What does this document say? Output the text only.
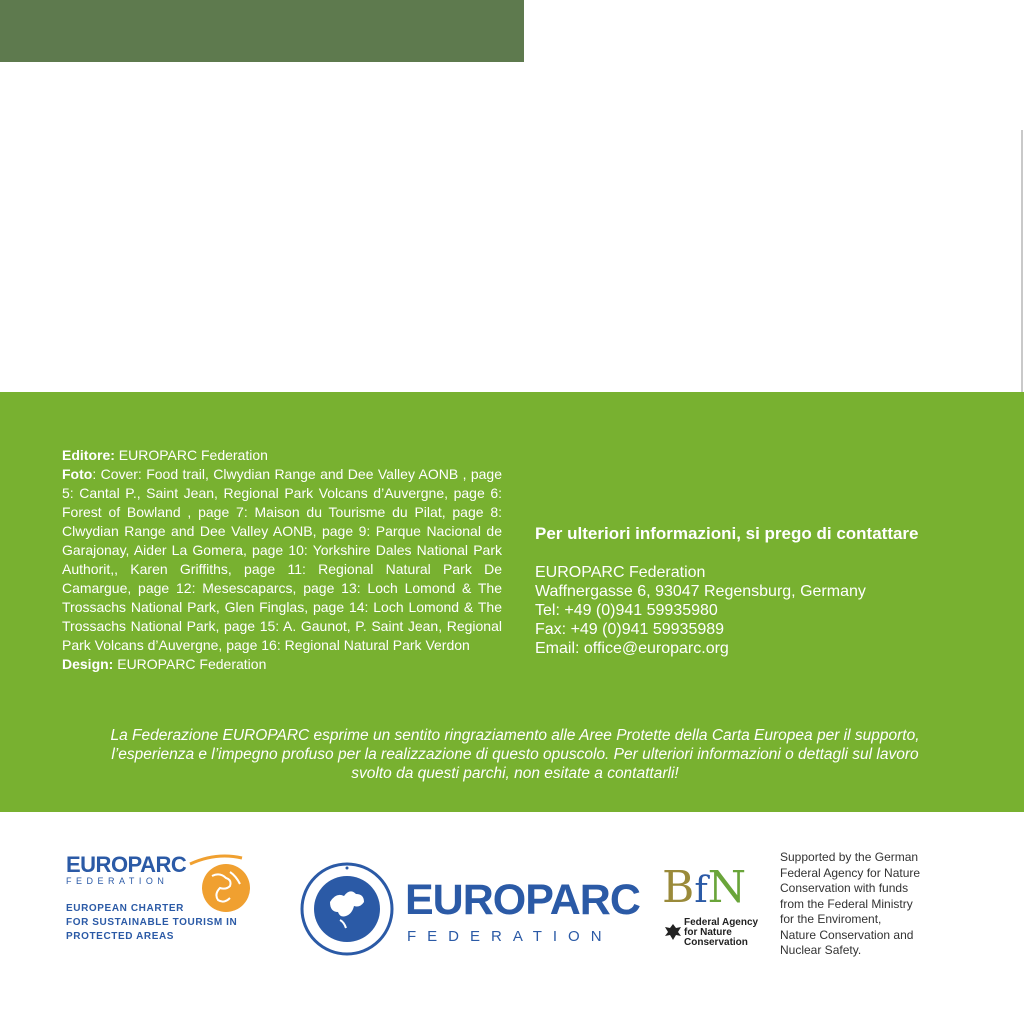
Editore: EUROPARC Federation
Foto: Cover: Food trail, Clwydian Range and Dee Valley AONB , page 5: Cantal P., Saint Jean, Regional Park Volcans d’Auvergne, page 6: Forest of Bowland , page 7: Maison du Tourisme du Pilat, page 8: Clwydian Range and Dee Valley AONB, page 9: Parque Nacional de Garajonay, Aider La Gomera, page 10: Yorkshire Dales National Park Authorit,, Karen Griffiths, page 11: Regional Natural Park De Camargue, page 12: Mesescaparcs, page 13: Loch Lomond & The Trossachs National Park, Glen Finglas, page 14: Loch Lomond & The Trossachs National Park, page 15: A. Gaunot, P. Saint Jean, Regional Park Volcans d’Auvergne, page 16: Regional Natural Park Verdon
Design: EUROPARC Federation
Per ulteriori informazioni, si prego di contattare
EUROPARC Federation
Waffnergasse 6, 93047 Regensburg, Germany
Tel: +49 (0)941 59935980
Fax: +49 (0)941 59935989
Email: office@europarc.org
La Federazione EUROPARC esprime un sentito ringraziamento alle Aree Protette della Carta Europea per il supporto, l’esperienza e l’impegno profuso per la realizzazione di questo opuscolo. Per ulteriori informazioni o dettagli sul lavoro svolto da questi parchi, non esitate a contattarli!
EUROPARC
FEDERATION
EUROPEAN CHARTER
FOR SUSTAINABLE TOURISM IN
PROTECTED AREAS
EUROPARC
FEDERATION
BfN
Federal Agency
for Nature
Conservation
Supported by the German
Federal Agency for Nature
Conservation with funds
from the Federal Ministry
for the Enviroment,
Nature Conservation and
Nuclear Safety.
